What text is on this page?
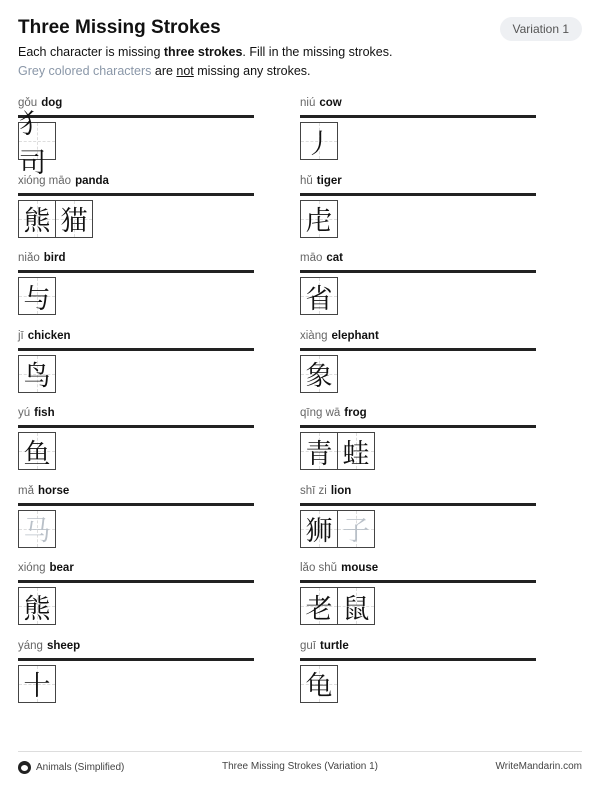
Three Missing Strokes	Variation 1
Each character is missing three strokes. Fill in the missing strokes.
Grey colored characters are not missing any strokes.
gǒu dog
犭司
xióng māo panda
熊 猫
niǎo bird
与
jī chicken
鸟
yú fish
鱼
mǎ horse
马
xióng bear
熊
yáng sheep
十
niú cow
丿
hǔ tiger
虍
māo cat
省
xiàng elephant
象
qīng wā frog
青 蛙
shī zi lion
狮 子
lǎo shǔ mouse
老 鼠
guī turtle
龟
Animals (Simplified)	Three Missing Strokes (Variation 1)	WriteMandarin.com
